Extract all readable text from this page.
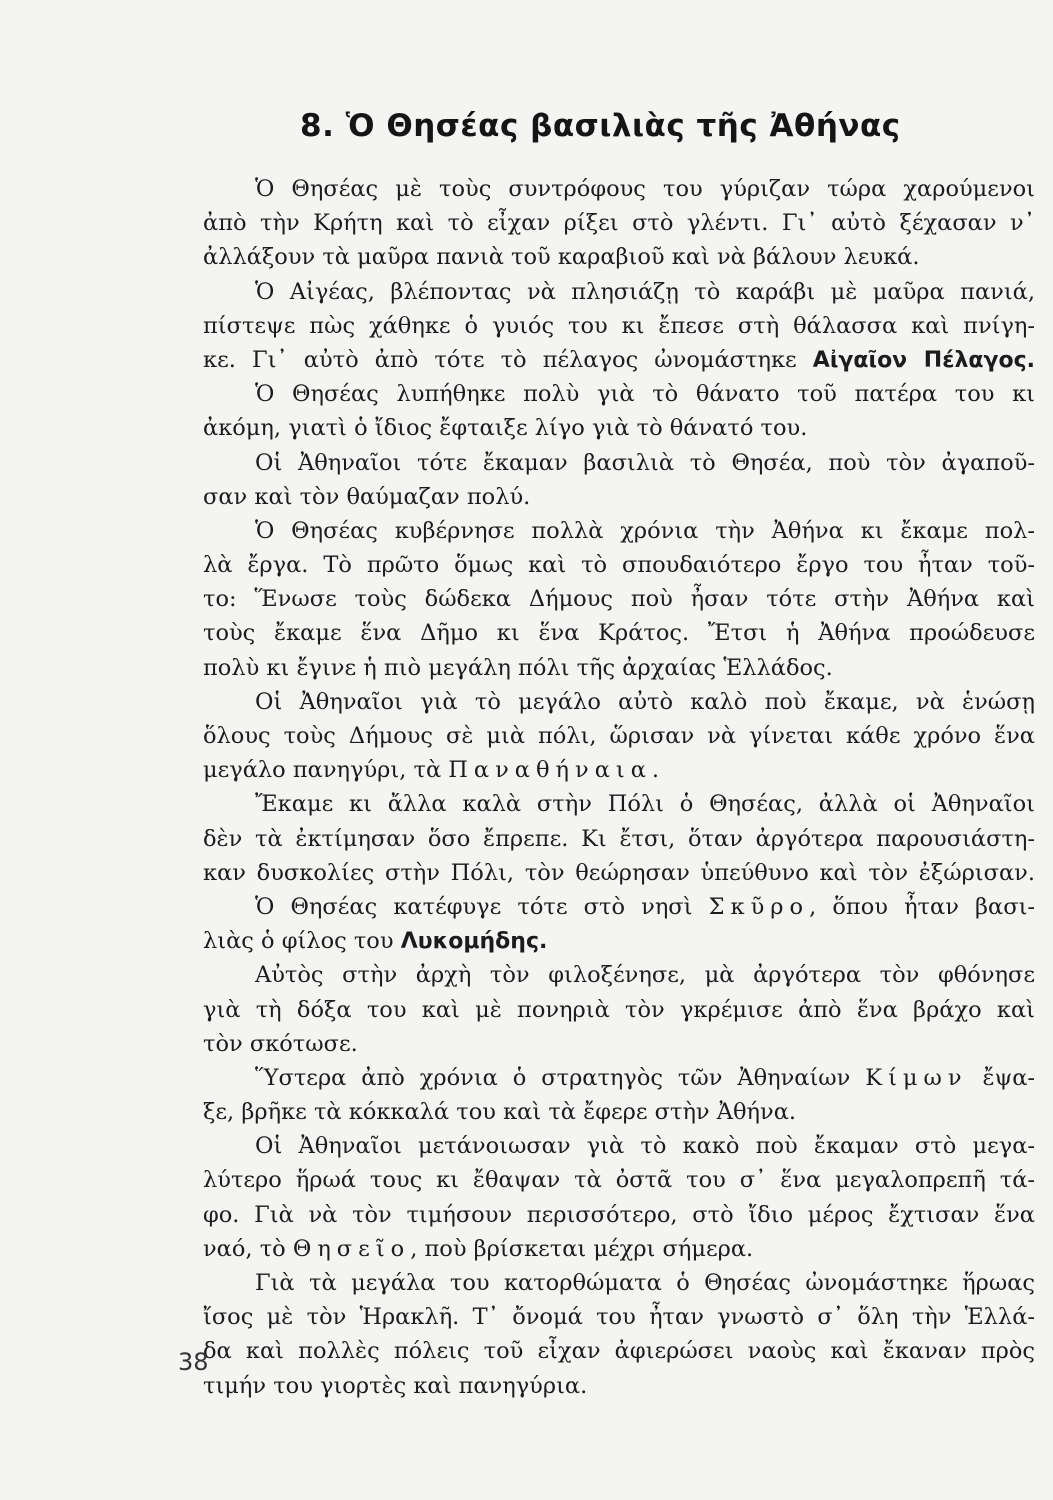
8. Ὁ Θησέας βασιλιὰς τῆς Ἀθήνας
Ὁ Θησέας μὲ τοὺς συντρόφους του γύριζαν τώρα χαρούμενοι
ἀπὸ τὴν Κρήτη καὶ τὸ εἶχαν ρίξει στὸ γλέντι. Γι᾿ αὐτὸ ξέχασαν ν᾿
ἀλλάξουν τὰ μαῦρα πανιὰ τοῦ καραβιοῦ καὶ νὰ βάλουν λευκά.
Ὁ Αἰγέας, βλέποντας νὰ πλησιάζῃ τὸ καράβι μὲ μαῦρα πανιά,
πίστεψε πὼς χάθηκε ὁ γυιός του κι ἔπεσε στὴ θάλασσα καὶ πνίγη-
κε. Γι᾿ αὐτὸ ἀπὸ τότε τὸ πέλαγος ὠνομάστηκε Αἰγαῖον Πέλαγος.
Ὁ Θησέας λυπήθηκε πολὺ γιὰ τὸ θάνατο τοῦ πατέρα του κι
ἀκόμη, γιατὶ ὁ ἴδιος ἔφταιξε λίγο γιὰ τὸ θάνατό του.
Οἱ Ἀθηναῖοι τότε ἔκαμαν βασιλιὰ τὸ Θησέα, ποὺ τὸν ἀγαποῦ-
σαν καὶ τὸν θαύμαζαν πολύ.
Ὁ Θησέας κυβέρνησε πολλὰ χρόνια τὴν Ἀθήνα κι ἔκαμε πολ-
λὰ ἔργα. Τὸ πρῶτο ὅμως καὶ τὸ σπουδαιότερο ἔργο του ἦταν τοῦ-
το: Ἕνωσε τοὺς δώδεκα Δήμους ποὺ ἦσαν τότε στὴν Ἀθήνα καὶ
τοὺς ἔκαμε ἕνα Δῆμο κι ἕνα Κράτος. Ἔτσι ἡ Ἀθήνα προώδευσε
πολὺ κι ἔγινε ἡ πιὸ μεγάλη πόλι τῆς ἀρχαίας Ἑλλάδος.
Οἱ Ἀθηναῖοι γιὰ τὸ μεγάλο αὐτὸ καλὸ ποὺ ἔκαμε, νὰ ἑνώσῃ
ὅλους τοὺς Δήμους σὲ μιὰ πόλι, ὥρισαν νὰ γίνεται κάθε χρόνο ἕνα
μεγάλο πανηγύρι, τὰ Παναθήναια.
Ἔκαμε κι ἄλλα καλὰ στὴν Πόλι ὁ Θησέας, ἀλλὰ οἱ Ἀθηναῖοι
δὲν τὰ ἐκτίμησαν ὅσο ἔπρεπε. Κι ἔτσι, ὅταν ἀργότερα παρουσιάστη-
καν δυσκολίες στὴν Πόλι, τὸν θεώρησαν ὑπεύθυνο καὶ τὸν ἐξώρισαν.
Ὁ Θησέας κατέφυγε τότε στὸ νησὶ Σκῦρο, ὅπου ἦταν βασι-
λιὰς ὁ φίλος του Λυκομήδης.
Αὐτὸς στὴν ἀρχὴ τὸν φιλοξένησε, μὰ ἀργότερα τὸν φθόνησε
γιὰ τὴ δόξα του καὶ μὲ πονηριὰ τὸν γκρέμισε ἀπὸ ἕνα βράχο καὶ
τὸν σκότωσε.
Ὕστερα ἀπὸ χρόνια ὁ στρατηγὸς τῶν Ἀθηναίων Κίμων ἔψα-
ξε, βρῆκε τὰ κόκκαλά του καὶ τὰ ἔφερε στὴν Ἀθήνα.
Οἱ Ἀθηναῖοι μετάνοιωσαν γιὰ τὸ κακὸ ποὺ ἔκαμαν στὸ μεγα-
λύτερο ἥρωά τους κι ἔθαψαν τὰ ὀστᾶ του σ᾿ ἕνα μεγαλοπρεπῆ τά-
φο. Γιὰ νὰ τὸν τιμήσουν περισσότερο, στὸ ἴδιο μέρος ἔχτισαν ἕνα
ναό, τὸ Θησεῖο, ποὺ βρίσκεται μέχρι σήμερα.
Γιὰ τὰ μεγάλα του κατορθώματα ὁ Θησέας ὠνομάστηκε ἥρωας
ἴσος μὲ τὸν Ἡρακλῆ. Τ᾿ ὄνομά του ἦταν γνωστὸ σ᾿ ὅλη τὴν Ἑλλά-
δα καὶ πολλὲς πόλεις τοῦ εἶχαν ἀφιερώσει ναοὺς καὶ ἔκαναν πρὸς
τιμήν του γιορτὲς καὶ πανηγύρια.
38
